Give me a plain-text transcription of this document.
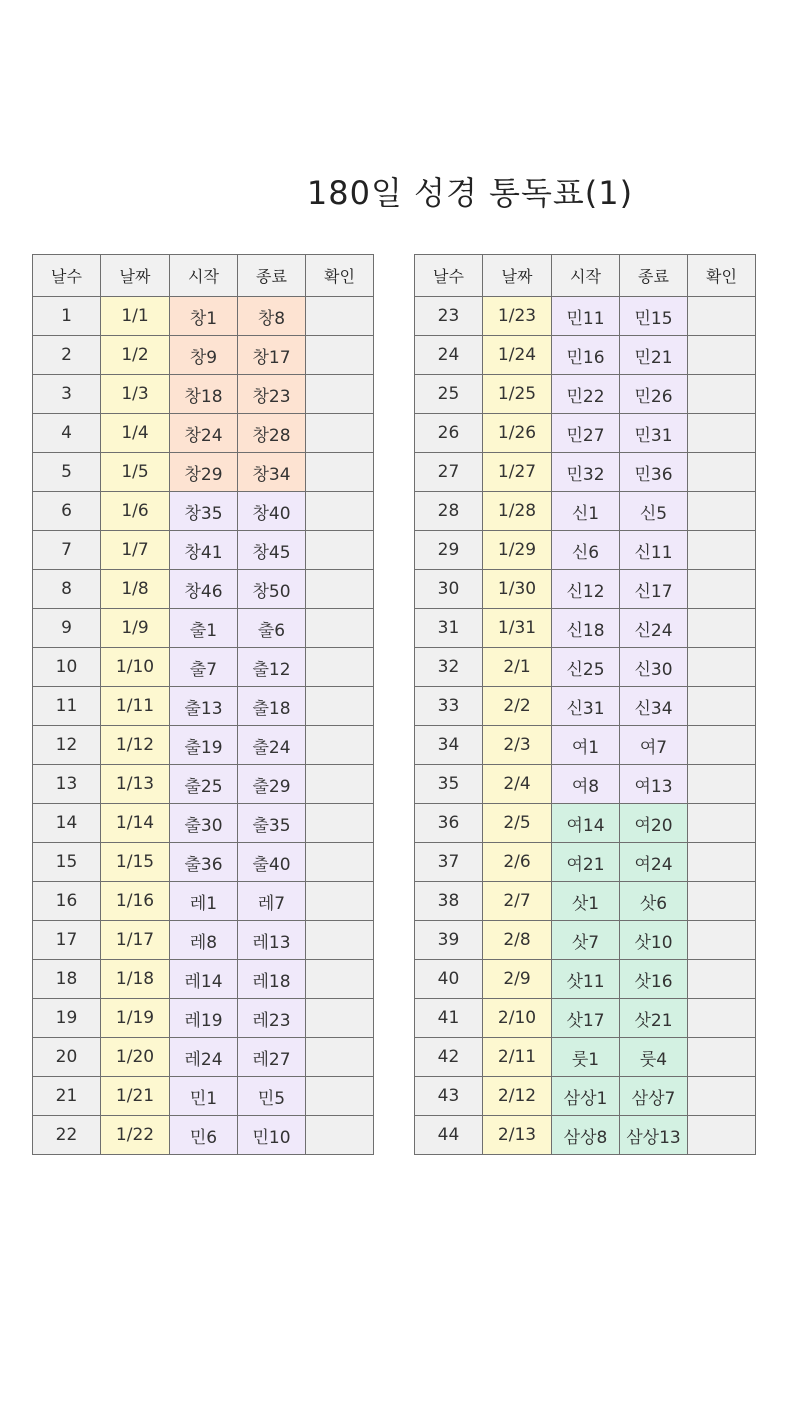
180일 성경 통독표(1)
날수	날짜	시작	종료	확인
1	1/1	창1	창8	
2	1/2	창9	창17	
3	1/3	창18	창23	
4	1/4	창24	창28	
5	1/5	창29	창34	
6	1/6	창35	창40	
7	1/7	창41	창45	
8	1/8	창46	창50	
9	1/9	출1	출6	
10	1/10	출7	출12	
11	1/11	출13	출18	
12	1/12	출19	출24	
13	1/13	출25	출29	
14	1/14	출30	출35	
15	1/15	출36	출40	
16	1/16	레1	레7	
17	1/17	레8	레13	
18	1/18	레14	레18	
19	1/19	레19	레23	
20	1/20	레24	레27	
21	1/21	민1	민5	
22	1/22	민6	민10	
날수	날짜	시작	종료	확인
23	1/23	민11	민15	
24	1/24	민16	민21	
25	1/25	민22	민26	
26	1/26	민27	민31	
27	1/27	민32	민36	
28	1/28	신1	신5	
29	1/29	신6	신11	
30	1/30	신12	신17	
31	1/31	신18	신24	
32	2/1	신25	신30	
33	2/2	신31	신34	
34	2/3	여1	여7	
35	2/4	여8	여13	
36	2/5	여14	여20	
37	2/6	여21	여24	
38	2/7	삿1	삿6	
39	2/8	삿7	삿10	
40	2/9	삿11	삿16	
41	2/10	삿17	삿21	
42	2/11	룻1	룻4	
43	2/12	삼상1	삼상7	
44	2/13	삼상8	삼상13	
